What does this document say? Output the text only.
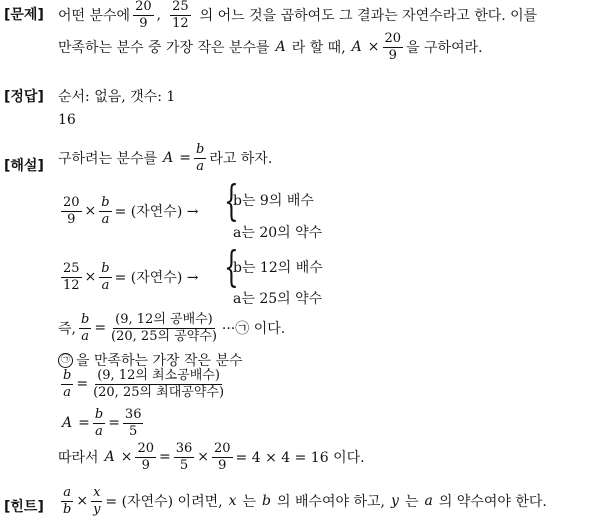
[문제] 어떤 분수에 $\frac{20}{9}$ , $\frac{25}{12}$ 의 어느 것을 곱하여도 그 결과는 자연수라고 한다. 이를
만족하는 분수 중 가장 작은 분수를 A 라 할 때, $A \times \frac{20}{9}$ 을 구하여라.
[정답] 순서: 없음, 갯수: 1
16
[해설] 구하려는 분수를 $A = \frac{b}{a}$ 라고 하자.
$\frac{20}{9} \times \frac{b}{a}$ = (자연수) → {
b는 9의 배수
a는 20의 약수
$\frac{25}{12} \times \frac{b}{a}$ = (자연수) → {
b는 12의 배수
a는 25의 약수
즉, $\frac{b}{a} = \frac{\text{(9, 12의 공배수)}}{\text{(20, 25의 공약수)}}$ ···㉠ 이다.
㉠ 을 만족하는 가장 작은 분수
$\frac{b}{a} = \frac{\text{(9, 12의 최소공배수)}}{\text{(20, 25의 최대공약수)}}$
$A = \frac{b}{a} = \frac{36}{5}$
따라서 $A \times \frac{20}{9} = \frac{36}{5} \times \frac{20}{9} = 4 \times 4 = 16$ 이다.
[힌트] $\frac{a}{b} \times \frac{x}{y}$ = (자연수) 이려면, x 는 b 의 배수여야 하고, y 는 a 의 약수여야 한다.
